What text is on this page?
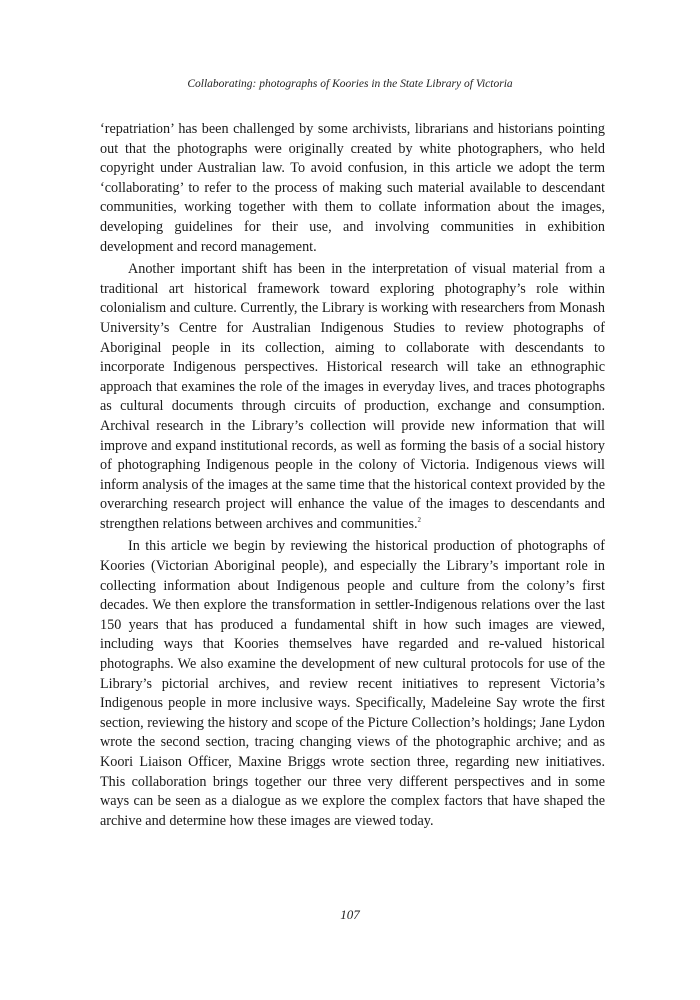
Collaborating: photographs of Koories in the State Library of Victoria

‘repatriation’ has been challenged by some archivists, librarians and historians pointing out that the photographs were originally created by white photographers, who held copyright under Australian law. To avoid confusion, in this article we adopt the term ‘collaborating’ to refer to the process of making such material available to descendant communities, working together with them to collate information about the images, developing guidelines for their use, and involving communities in exhibition development and record management.

Another important shift has been in the interpretation of visual material from a traditional art historical framework toward exploring photography’s role within colonialism and culture. Currently, the Library is working with researchers from Monash University’s Centre for Australian Indigenous Studies to review photographs of Aboriginal people in its collection, aiming to collaborate with descendants to incorporate Indigenous perspectives. Historical research will take an ethnographic approach that examines the role of the images in everyday lives, and traces photographs as cultural documents through circuits of production, exchange and consumption. Archival research in the Library’s collection will provide new information that will improve and expand institutional records, as well as forming the basis of a social history of photographing Indigenous people in the colony of Victoria. Indigenous views will inform analysis of the images at the same time that the historical context provided by the overarching research project will enhance the value of the images to descendants and strengthen relations between archives and communities.$^2$

In this article we begin by reviewing the historical production of photographs of Koories (Victorian Aboriginal people), and especially the Library’s important role in collecting information about Indigenous people and culture from the colony’s first decades. We then explore the transformation in settler-Indigenous relations over the last 150 years that has produced a fundamental shift in how such images are viewed, including ways that Koories themselves have regarded and re-valued historical photographs. We also examine the development of new cultural protocols for use of the Library’s pictorial archives, and review recent initiatives to represent Victoria’s Indigenous people in more inclusive ways. Specifically, Madeleine Say wrote the first section, reviewing the history and scope of the Picture Collection’s holdings; Jane Lydon wrote the second section, tracing changing views of the photographic archive; and as Koori Liaison Officer, Maxine Briggs wrote section three, regarding new initiatives. This collaboration brings together our three very different perspectives and in some ways can be seen as a dialogue as we explore the complex factors that have shaped the archive and determine how these images are viewed today.

107
